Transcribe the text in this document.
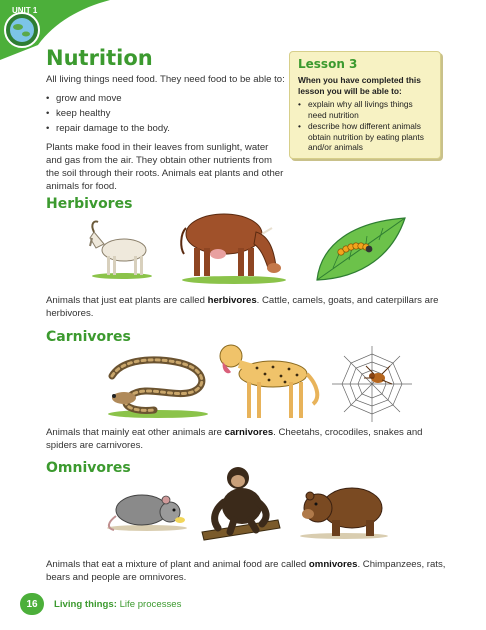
UNIT 1
Nutrition

All living things need food. They need food to be able to:

• grow and move
• keep healthy
• repair damage to the body.

Plants make food in their leaves from sunlight, water and gas from the air. They obtain other nutrients from the soil through their roots. Animals eat plants and other animals for food.

Lesson 3

When you have completed this lesson you will be able to:

• explain why all livings things need nutrition
• describe how different animals obtain nutrition by eating plants and/or animals
Herbivores

Animals that just eat plants are called herbivores. Cattle, camels, goats, and caterpillars are herbivores.

Carnivores

Animals that mainly eat other animals are carnivores. Cheetahs, crocodiles, snakes and spiders are carnivores.

Omnivores

Animals that eat a mixture of plant and animal food are called omnivores. Chimpanzees, rats, bears and people are omnivores.

16	Living things: Life processes
